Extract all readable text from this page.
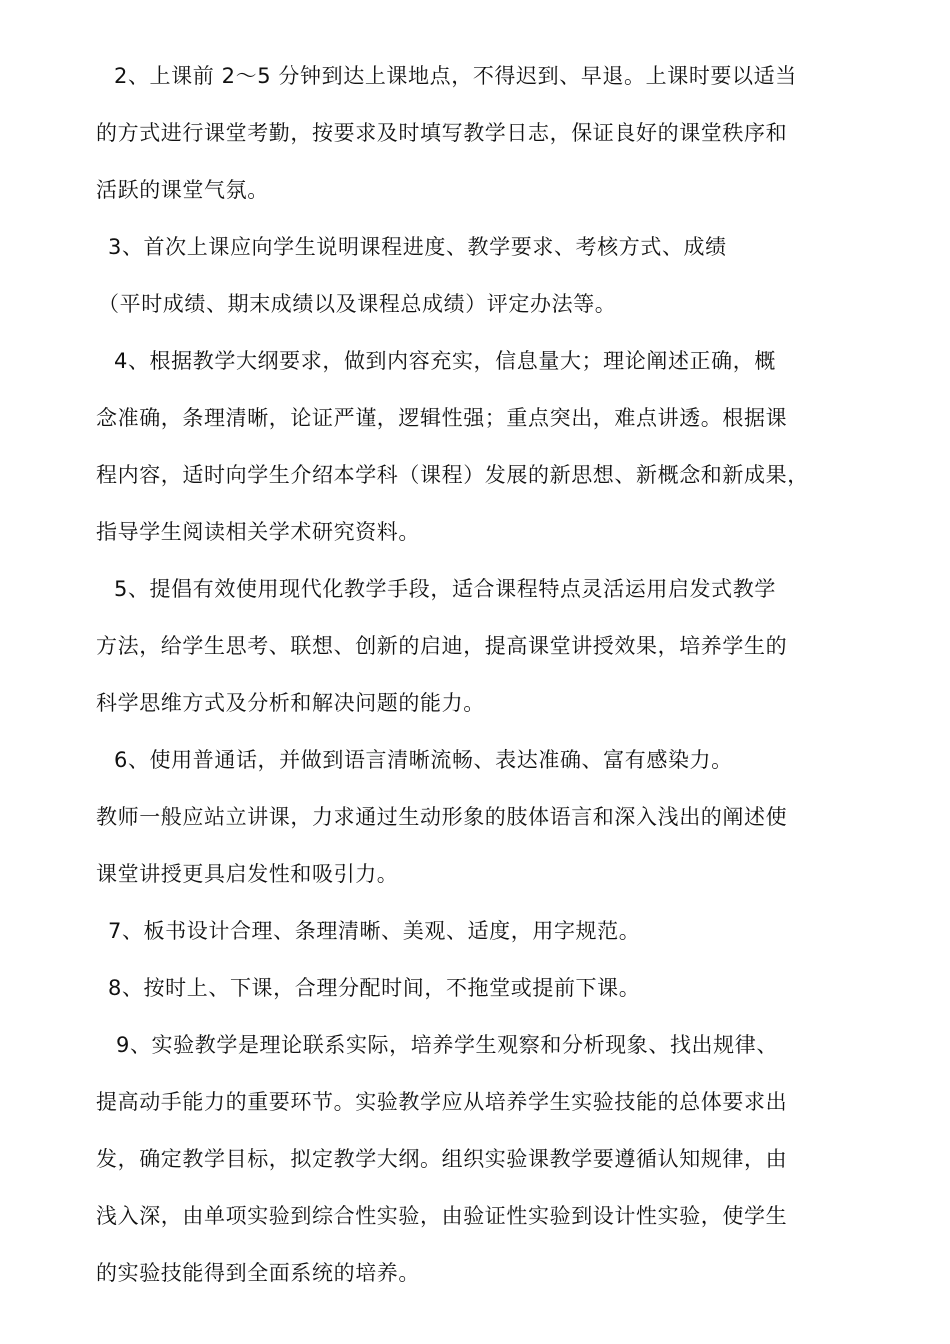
2、上课前 2～5 分钟到达上课地点，不得迟到、早退。上课时要以适当
的方式进行课堂考勤，按要求及时填写教学日志，保证良好的课堂秩序和
活跃的课堂气氛。
3、首次上课应向学生说明课程进度、教学要求、考核方式、成绩
（平时成绩、期末成绩以及课程总成绩）评定办法等。
4、根据教学大纲要求，做到内容充实，信息量大；理论阐述正确，概
念准确，条理清晰，论证严谨，逻辑性强；重点突出，难点讲透。根据课
程内容，适时向学生介绍本学科（课程）发展的新思想、新概念和新成果，
指导学生阅读相关学术研究资料。
5、提倡有效使用现代化教学手段，适合课程特点灵活运用启发式教学
方法，给学生思考、联想、创新的启迪，提高课堂讲授效果，培养学生的
科学思维方式及分析和解决问题的能力。
6、使用普通话，并做到语言清晰流畅、表达准确、富有感染力。
教师一般应站立讲课，力求通过生动形象的肢体语言和深入浅出的阐述使
课堂讲授更具启发性和吸引力。
7、板书设计合理、条理清晰、美观、适度，用字规范。
8、按时上、下课，合理分配时间，不拖堂或提前下课。
9、实验教学是理论联系实际，培养学生观察和分析现象、找出规律、
提高动手能力的重要环节。实验教学应从培养学生实验技能的总体要求出
发，确定教学目标，拟定教学大纲。组织实验课教学要遵循认知规律，由
浅入深，由单项实验到综合性实验，由验证性实验到设计性实验，使学生
的实验技能得到全面系统的培养。
